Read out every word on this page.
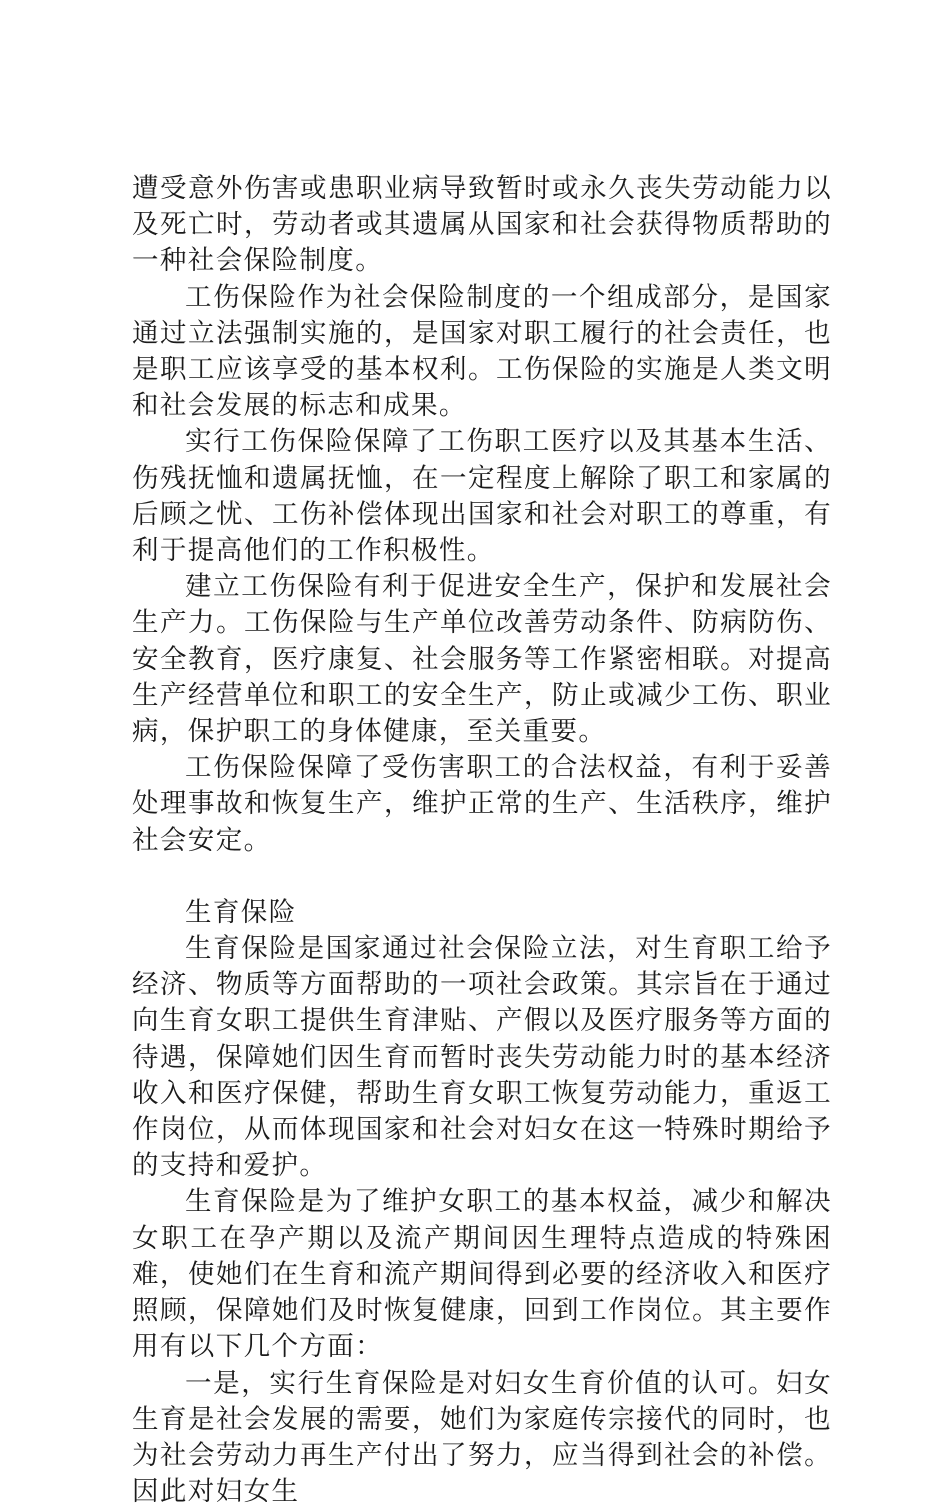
遭受意外伤害或患职业病导致暂时或永久丧失劳动能力以及死亡时，劳动者或其遗属从国家和社会获得物质帮助的一种社会保险制度。

工伤保险作为社会保险制度的一个组成部分，是国家通过立法强制实施的，是国家对职工履行的社会责任，也是职工应该享受的基本权利。工伤保险的实施是人类文明和社会发展的标志和成果。

实行工伤保险保障了工伤职工医疗以及其基本生活、伤残抚恤和遗属抚恤，在一定程度上解除了职工和家属的后顾之忧、工伤补偿体现出国家和社会对职工的尊重，有利于提高他们的工作积极性。

建立工伤保险有利于促进安全生产，保护和发展社会生产力。工伤保险与生产单位改善劳动条件、防病防伤、安全教育，医疗康复、社会服务等工作紧密相联。对提高生产经营单位和职工的安全生产，防止或减少工伤、职业病，保护职工的身体健康，至关重要。

工伤保险保障了受伤害职工的合法权益，有利于妥善处理事故和恢复生产，维护正常的生产、生活秩序，维护社会安定。

生育保险

生育保险是国家通过社会保险立法，对生育职工给予经济、物质等方面帮助的一项社会政策。其宗旨在于通过向生育女职工提供生育津贴、产假以及医疗服务等方面的待遇，保障她们因生育而暂时丧失劳动能力时的基本经济收入和医疗保健，帮助生育女职工恢复劳动能力，重返工作岗位，从而体现国家和社会对妇女在这一特殊时期给予的支持和爱护。

生育保险是为了维护女职工的基本权益，减少和解决女职工在孕产期以及流产期间因生理特点造成的特殊困难，使她们在生育和流产期间得到必要的经济收入和医疗照顾，保障她们及时恢复健康，回到工作岗位。其主要作用有以下几个方面：

一是，实行生育保险是对妇女生育价值的认可。妇女生育是社会发展的需要，她们为家庭传宗接代的同时，也为社会劳动力再生产付出了努力，应当得到社会的补偿。因此对妇女生
